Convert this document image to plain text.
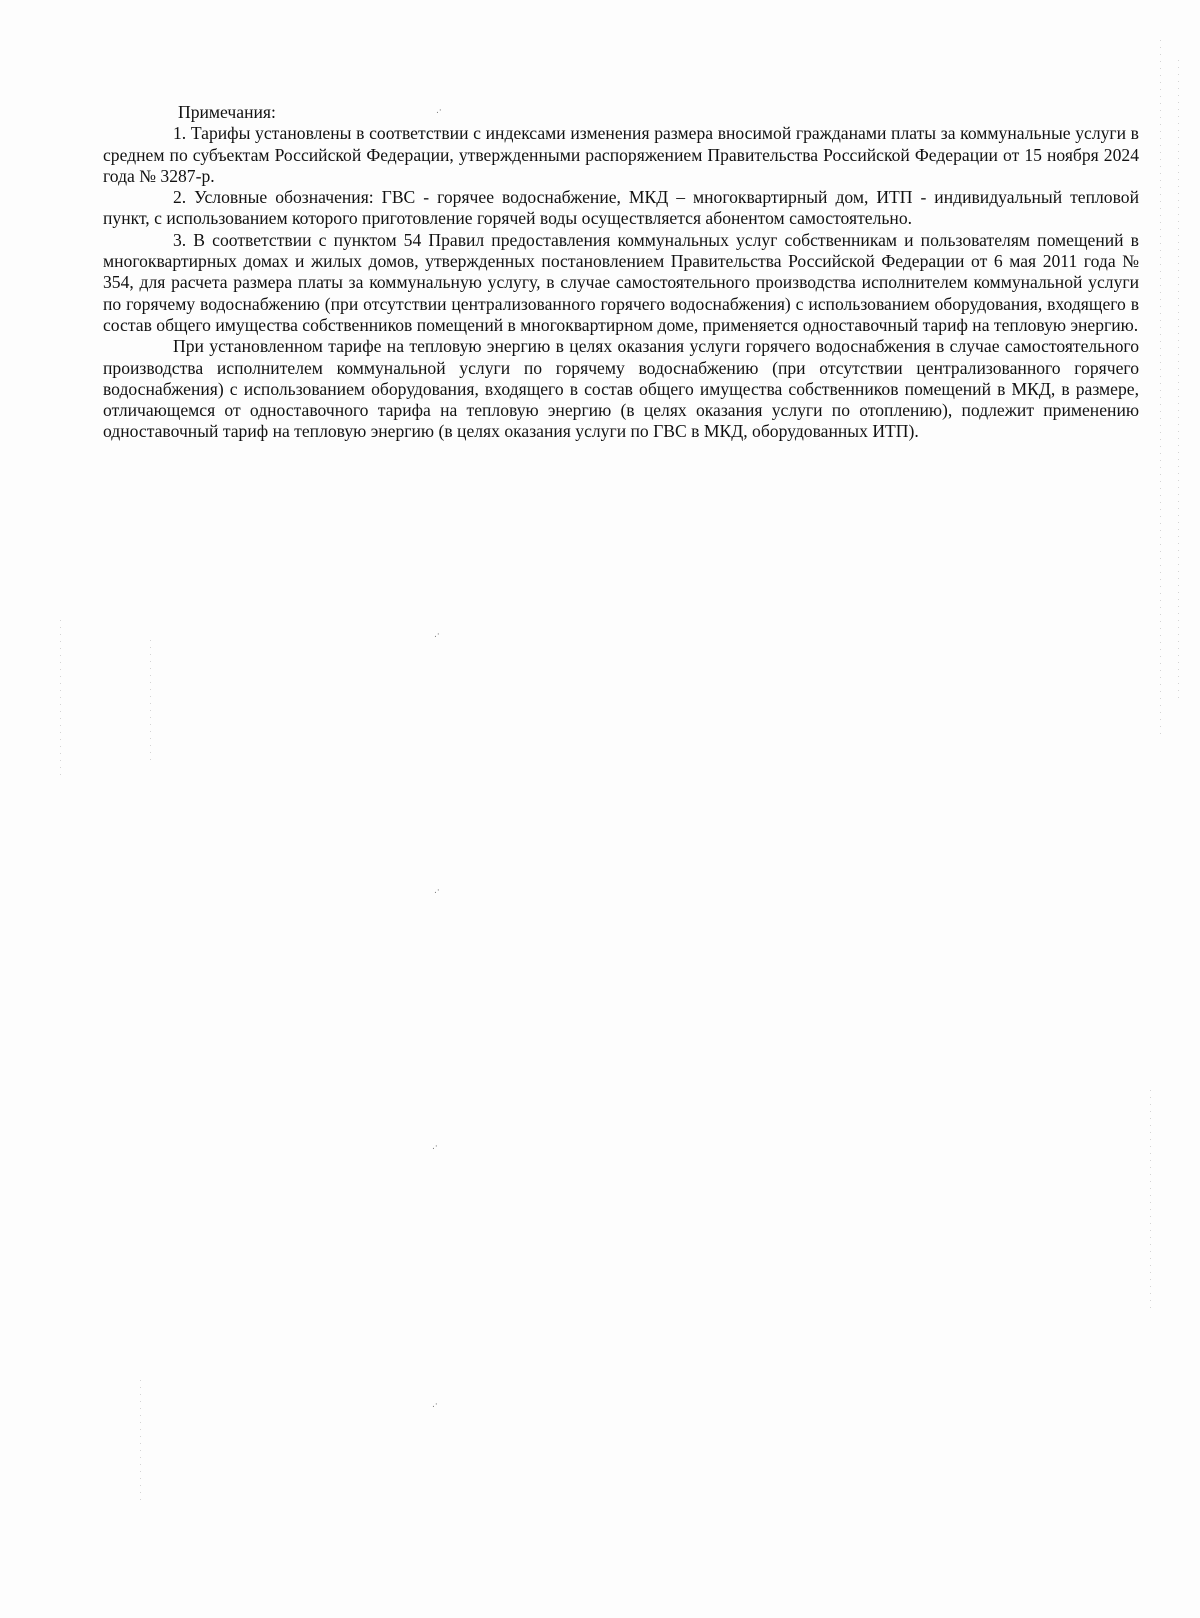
.·
.·
.·
.·
.·

Примечания:

1. Тарифы установлены в соответствии с индексами изменения размера вносимой гражданами платы за коммунальные услуги в среднем по субъектам Российской Федерации, утвержденными распоряжением Правительства Российской Федерации от 15 ноября 2024 года № 3287-р.

2. Условные обозначения: ГВС - горячее водоснабжение, МКД – многоквартирный дом, ИТП - индивидуальный тепловой пункт, с использованием которого приготовление горячей воды осуществляется абонентом самостоятельно.

3. В соответствии с пунктом 54 Правил предоставления коммунальных услуг собственникам и пользователям помещений в многоквартирных домах и жилых домов, утвержденных постановлением Правительства Российской Федерации от 6 мая 2011 года № 354, для расчета размера платы за коммунальную услугу, в случае самостоятельного производства исполнителем коммунальной услуги по горячему водоснабжению (при отсутствии централизованного горячего водоснабжения) с использованием оборудования, входящего в состав общего имущества собственников помещений в многоквартирном доме, применяется одноставочный тариф на тепловую энергию.

При установленном тарифе на тепловую энергию в целях оказания услуги горячего водоснабжения в случае самостоятельного производства исполнителем коммунальной услуги по горячему водоснабжению (при отсутствии централизованного горячего водоснабжения) с использованием оборудования, входящего в состав общего имущества собственников помещений в МКД, в размере, отличающемся от одноставочного тарифа на тепловую энергию (в целях оказания услуги по отоплению), подлежит применению одноставочный тариф на тепловую энергию (в целях оказания услуги по ГВС в МКД, оборудованных ИТП).
